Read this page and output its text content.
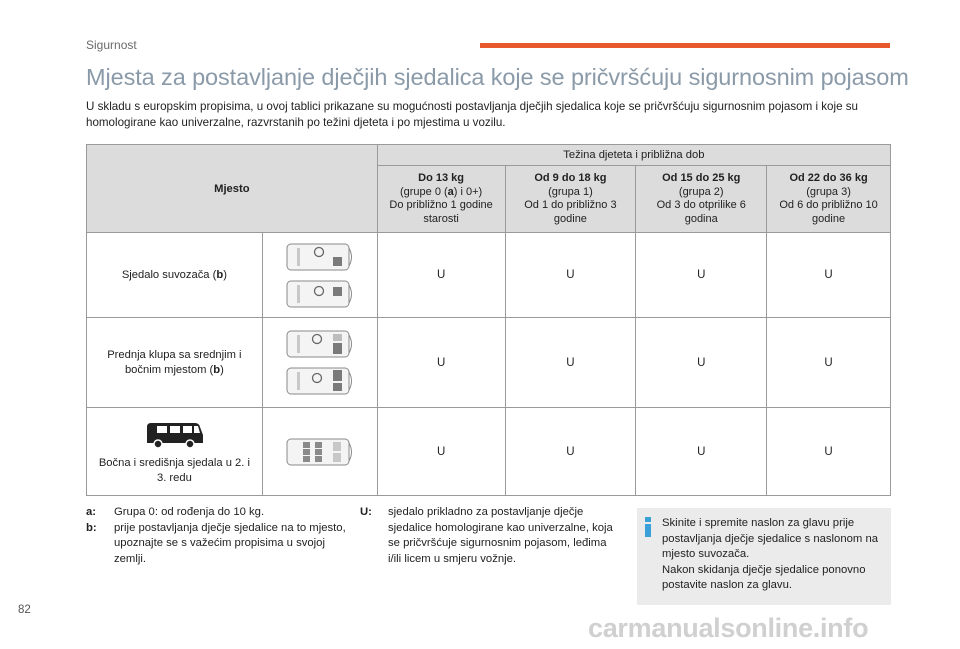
Sigurnost
Mjesta za postavljanje dječjih sjedalica koje se pričvršćuju sigurnosnim pojasom

U skladu s europskim propisima, u ovoj tablici prikazane su mogućnosti postavljanja dječjih sjedalica koje se pričvršćuju sigurnosnim pojasom i koje su homologirane kao univerzalne, razvrstanih po težini djeteta i po mjestima u vozilu.

Mjesto		Težina djeteta i približna dob			

		Do 13 kg
(grupe 0 (a) i 0+)
Do približno 1 godine starosti	Od 9 do 18 kg
(grupa 1)
Od 1 do približno 3 godine	Od 15 do 25 kg
(grupa 2)
Od 3 do otprilike 6 godina	Od 22 do 36 kg
(grupa 3)
Od 6 do približno 10 godine
Sjedalo suvozača (b)		U	U	U	U
Prednja klupa sa srednjim i bočnim mjestom (b)		U	U	U	U

Bočna i središnja sjedala u 2. i 3. redu		U	U	U	U
a:	Grupa 0: od rođenja do 10 kg.
b:	prije postavljanja dječje sjedalice na to mjesto, upoznajte se s važećim propisima u svojoj zemlji.
U:	sjedalo prikladno za postavljanje dječje sjedalice homologirane kao univerzalne, koja se pričvršćuje sigurnosnim pojasom, leđima i/ili licem u smjeru vožnje.
Skinite i spremite naslon za glavu prije postavljanja dječje sjedalice s naslonom na mjesto suvozača.
Nakon skidanja dječje sjedalice ponovno postavite naslon za glavu.
82
carmanualsonline.info
